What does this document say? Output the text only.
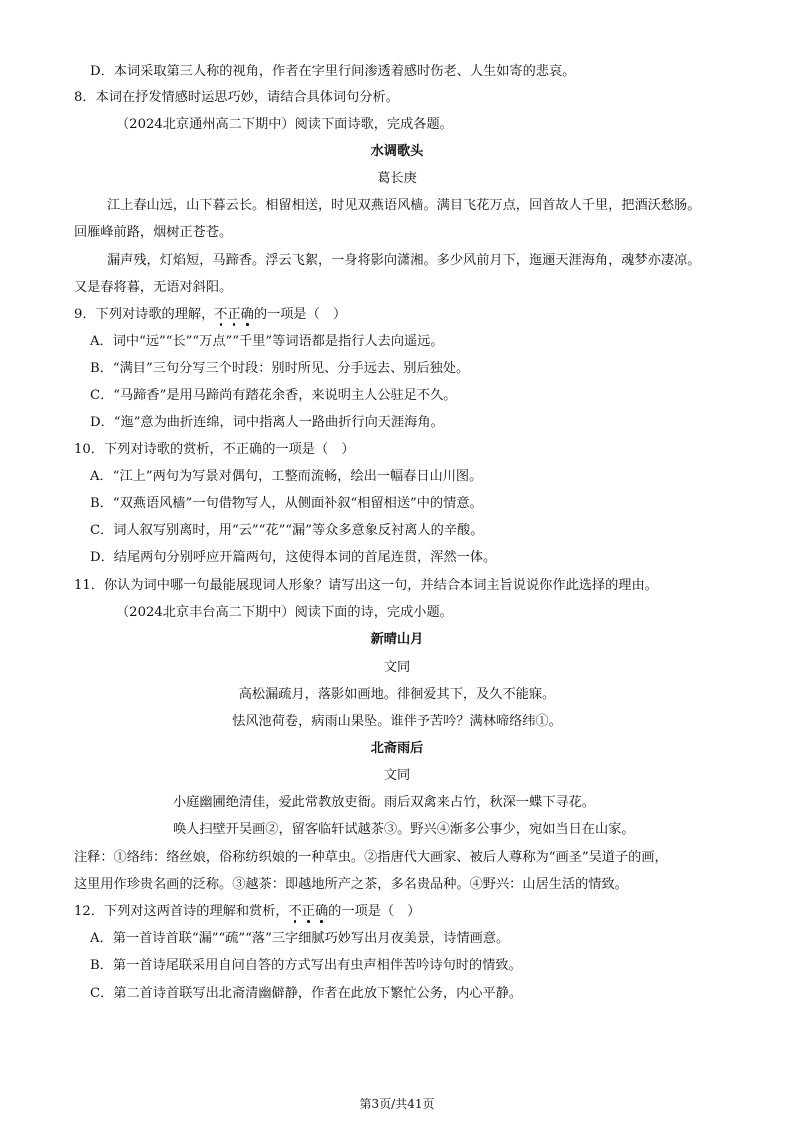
D．本词采取第三人称的视角，作者在字里行间渗透着感时伤老、人生如寄的悲哀。
8．本词在抒发情感时运思巧妙，请结合具体词句分析。
（2024北京通州高二下期中）阅读下面诗歌，完成各题。
水调歌头
葛长庚
江上春山远，山下暮云长。相留相送，时见双燕语风樯。满目飞花万点，回首故人千里，把酒沃愁肠。
回雁峰前路，烟树正苍苍。
漏声残，灯焰短，马蹄香。浮云飞絮，一身将影向潇湘。多少风前月下，迤逦天涯海角，魂梦亦凄凉。
又是春将暮，无语对斜阳。
9．下列对诗歌的理解，不正确的一项是（　）
A．词中“远”“长”“万点”“千里”等词语都是指行人去向遥远。
B．“满目”三句分写三个时段：别时所见、分手远去、别后独处。
C．“马蹄香”是用马蹄尚有踏花余香，来说明主人公驻足不久。
D．“迤”意为曲折连绵，词中指离人一路曲折行向天涯海角。
10．下列对诗歌的赏析，不正确的一项是（　）
A．“江上”两句为写景对偶句，工整而流畅，绘出一幅春日山川图。
B．“双燕语风樯”一句借物写人，从侧面补叙“相留相送”中的情意。
C．词人叙写别离时，用“云”“花”“漏”等众多意象反衬离人的辛酸。
D．结尾两句分别呼应开篇两句，这使得本词的首尾连贯，浑然一体。
11．你认为词中哪一句最能展现词人形象？请写出这一句，并结合本词主旨说说你作此选择的理由。
（2024北京丰台高二下期中）阅读下面的诗，完成小题。
新晴山月
文同
高松漏疏月，落影如画地。徘徊爱其下，及久不能寐。
怯风池荷卷，病雨山果坠。谁伴予苦吟？满林啼络纬①。
北斋雨后
文同
小庭幽圃绝清佳，爱此常教放吏衙。雨后双禽来占竹，秋深一蝶下寻花。
唤人扫壁开吴画②，留客临轩试越茶③。野兴④渐多公事少，宛如当日在山家。
注释：①络纬：络丝娘，俗称纺织娘的一种草虫。②指唐代大画家、被后人尊称为“画圣”吴道子的画，
这里用作珍贵名画的泛称。③越茶：即越地所产之茶，多名贵品种。④野兴：山居生活的情致。
12．下列对这两首诗的理解和赏析，不正确的一项是（　）
A．第一首诗首联“漏”“疏”“落”三字细腻巧妙写出月夜美景，诗情画意。
B．第一首诗尾联采用自问自答的方式写出有虫声相伴苦吟诗句时的情致。
C．第二首诗首联写出北斋清幽僻静，作者在此放下繁忙公务，内心平静。
第3页/共41页
